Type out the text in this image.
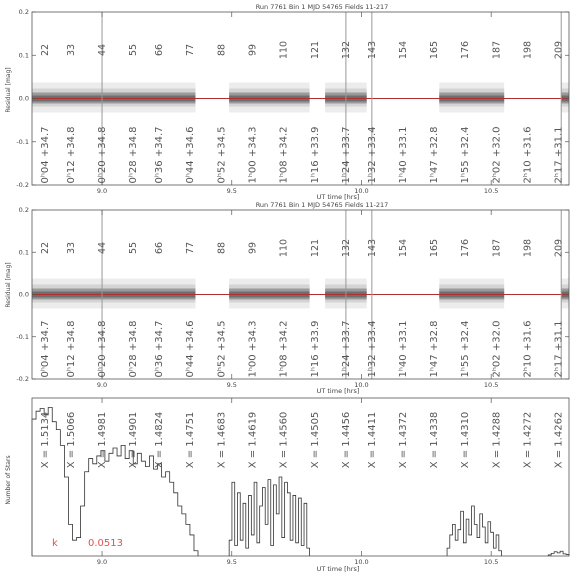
Run 7761 Bin 1 MJD 54765 Fields 11-217
Residual [mag]
UT time [hrs]
22 33 44 55 66 77 88 99 110 121 132 143 154 165 176 187 198 209
0ʰ04 +34.7 0ʰ12 +34.8 0ʰ20 +34.8 0ʰ28 +34.8 0ʰ36 +34.7 0ʰ44 +34.6 0ʰ52 +34.5 1ʰ00 +34.3 1ʰ08 +34.2 1ʰ16 +33.9 1ʰ24 +33.7 1ʰ32 +33.4 1ʰ40 +33.1 1ʰ47 +32.8 1ʰ55 +32.4 2ʰ02 +32.0 2ʰ10 +31.6 2ʰ17 +31.1
-0.2
-0.1
0.0
0.1
0.2
9.0	9.5	10.0	10.5
Run 7761 Bin 1 MJD 54765 Fields 11-217
Residual [mag]
UT time [hrs]
22 33 44 55 66 77 88 99 110 121 132 143 154 165 176 187 198 209
0ʰ04 +34.7 0ʰ12 +34.8 0ʰ20 +34.8 0ʰ28 +34.8 0ʰ36 +34.7 0ʰ44 +34.6 0ʰ52 +34.5 1ʰ00 +34.3 1ʰ08 +34.2 1ʰ16 +33.9 1ʰ24 +33.7 1ʰ32 +33.4 1ʰ40 +33.1 1ʰ47 +32.8 1ʰ55 +32.4 2ʰ02 +32.0 2ʰ10 +31.6 2ʰ17 +31.1
-0.2
-0.1
0.0
0.1
0.2
9.0	9.5	10.0	10.5
Number of Stars
UT time [hrs]
X = 1.5134 X = 1.5066 X = 1.4981 X = 1.4901 X = 1.4824 X = 1.4751 X = 1.4683 X = 1.4619 X = 1.4560 X = 1.4505 X = 1.4456 X = 1.4411 X = 1.4372 X = 1.4338 X = 1.4310 X = 1.4288 X = 1.4272 X = 1.4262
k	0.0513
9.0	9.5	10.0	10.5
